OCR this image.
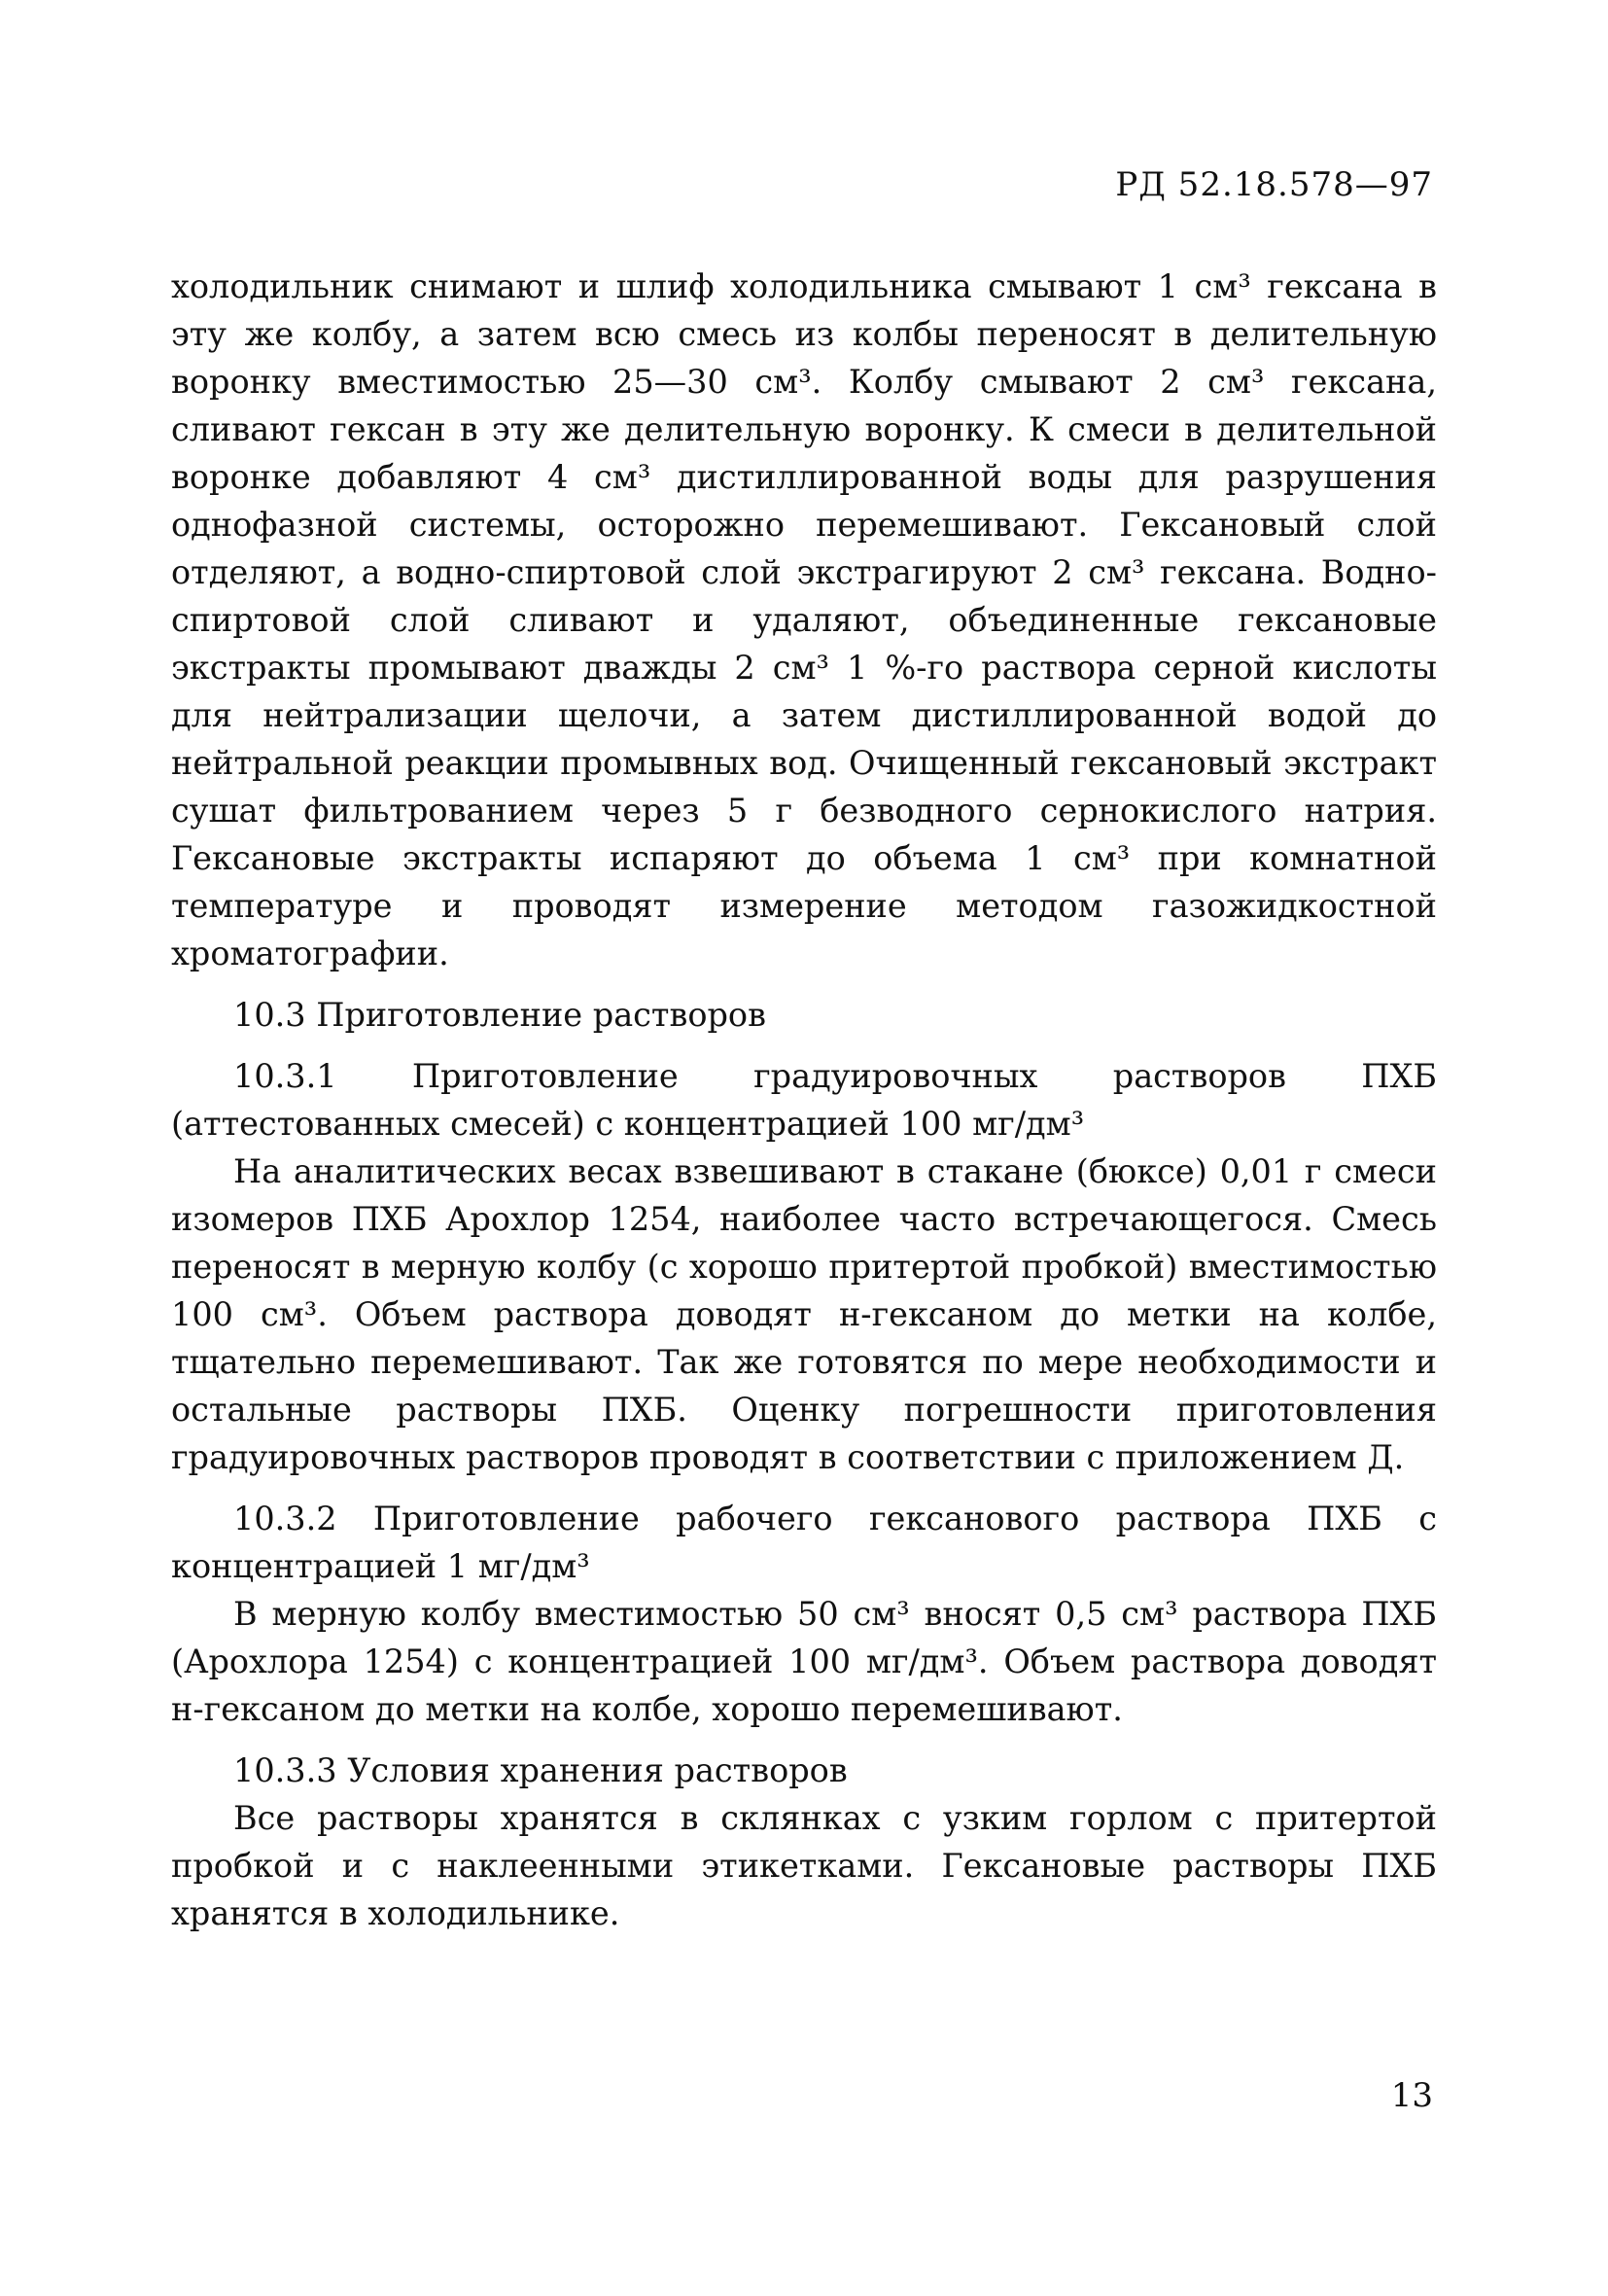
РД 52.18.578—97

холодильник снимают и шлиф холодильника смывают 1 см³ гексана в эту же колбу, а затем всю смесь из колбы переносят в делительную воронку вместимостью 25—30 см³. Колбу смывают 2 см³ гексана, сливают гексан в эту же делительную воронку. К смеси в делительной воронке добавляют 4 см³ дистиллированной воды для разрушения однофазной системы, осторожно перемешивают. Гексановый слой отделяют, а водно-спиртовой слой экстрагируют 2 см³ гексана. Водно-спиртовой слой сливают и удаляют, объединенные гексановые экстракты промывают дважды 2 см³ 1 %-го раствора серной кислоты для нейтрализации щелочи, а затем дистиллированной водой до нейтральной реакции промывных вод. Очищенный гексановый экстракт сушат фильтрованием через 5 г безводного сернокислого натрия. Гексановые экстракты испаряют до объема 1 см³ при комнатной температуре и проводят измерение методом газожидкостной хроматографии.

10.3 Приготовление растворов

10.3.1 Приготовление градуировочных растворов ПХБ (аттестованных смесей) с концентрацией 100 мг/дм³

На аналитических весах взвешивают в стакане (бюксе) 0,01 г смеси изомеров ПХБ Арохлор 1254, наиболее часто встречающегося. Смесь переносят в мерную колбу (с хорошо притертой пробкой) вместимостью 100 см³. Объем раствора доводят н-гексаном до метки на колбе, тщательно перемешивают. Так же готовятся по мере необходимости и остальные растворы ПХБ. Оценку погрешности приготовления градуировочных растворов проводят в соответствии с приложением Д.

10.3.2 Приготовление рабочего гексанового раствора ПХБ с концентрацией 1 мг/дм³

В мерную колбу вместимостью 50 см³ вносят 0,5 см³ раствора ПХБ (Арохлора 1254) с концентрацией 100 мг/дм³. Объем раствора доводят н-гексаном до метки на колбе, хорошо перемешивают.

10.3.3 Условия хранения растворов

Все растворы хранятся в склянках с узким горлом с притертой пробкой и с наклеенными этикетками. Гексановые растворы ПХБ хранятся в холодильнике.

13
